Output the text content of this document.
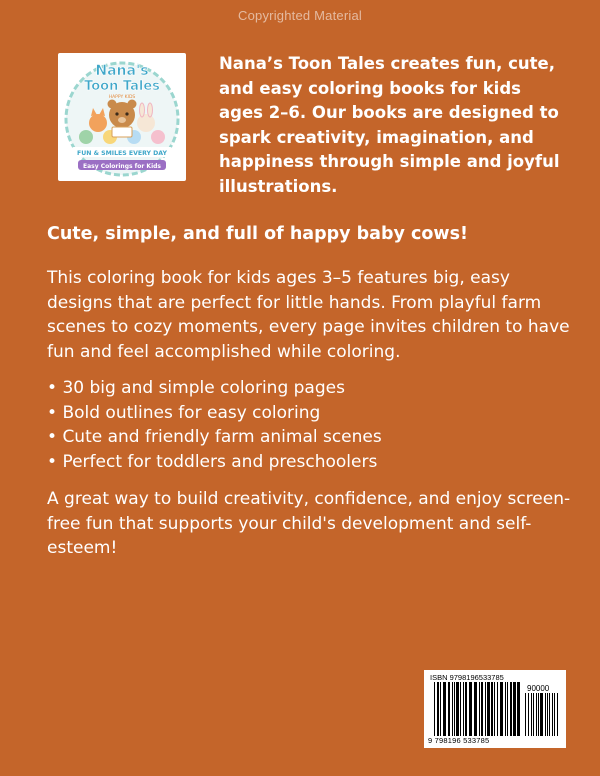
Copyrighted Material
Nana's
Toon Tales
HAPPY KIDS
FUN & SMILES EVERY DAY
Easy Colorings for Kids
Nana’s Toon Tales creates fun, cute, and easy coloring books for kids ages 2–6. Our books are designed to spark creativity, imagination, and happiness through simple and joyful illustrations.
Cute, simple, and full of happy baby cows!
This coloring book for kids ages 3–5 features big, easy designs that are perfect for little hands. From playful farm scenes to cozy moments, every page invites children to have fun and feel accomplished while coloring.
• 30 big and simple coloring pages
• Bold outlines for easy coloring
• Cute and friendly farm animal scenes
• Perfect for toddlers and preschoolers
A great way to build creativity, confidence, and enjoy screen-free fun that supports your child's development and self-esteem!
ISBN 9798196533785
90000
9 798196 533785
